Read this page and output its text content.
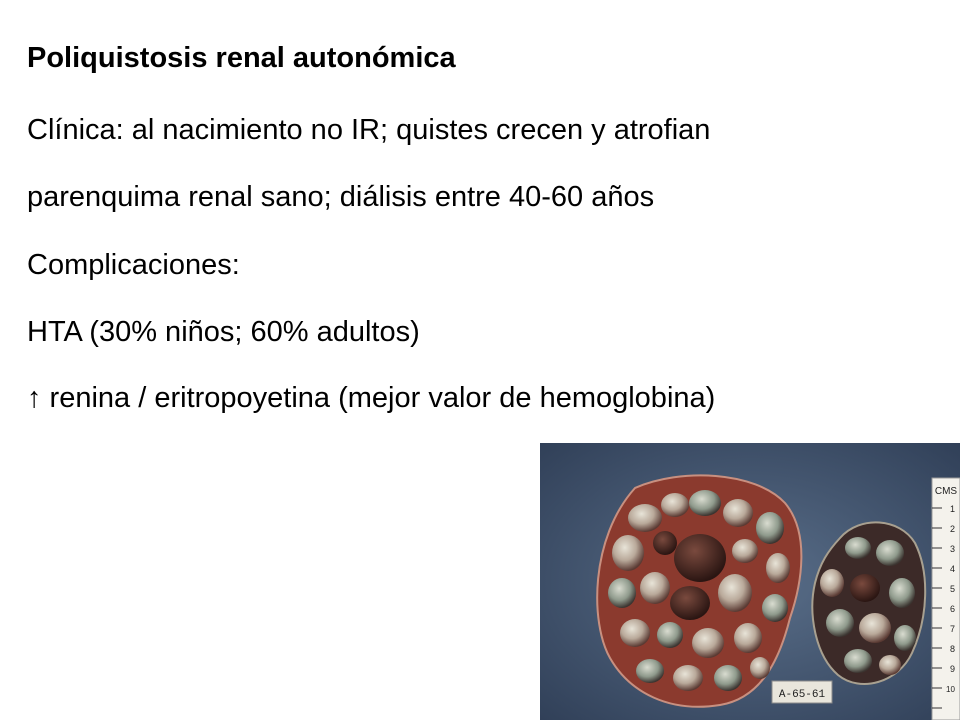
Poliquistosis renal autonómica
Clínica: al nacimiento no IR; quistes crecen y atrofian
parenquima renal sano; diálisis entre 40-60 años
Complicaciones:
HTA (30% niños; 60% adultos)
↑ renina / eritropoyetina (mejor valor de hemoglobina)
CMS
1
2
3
4
5
6
7
8
9
10
A-65-61
